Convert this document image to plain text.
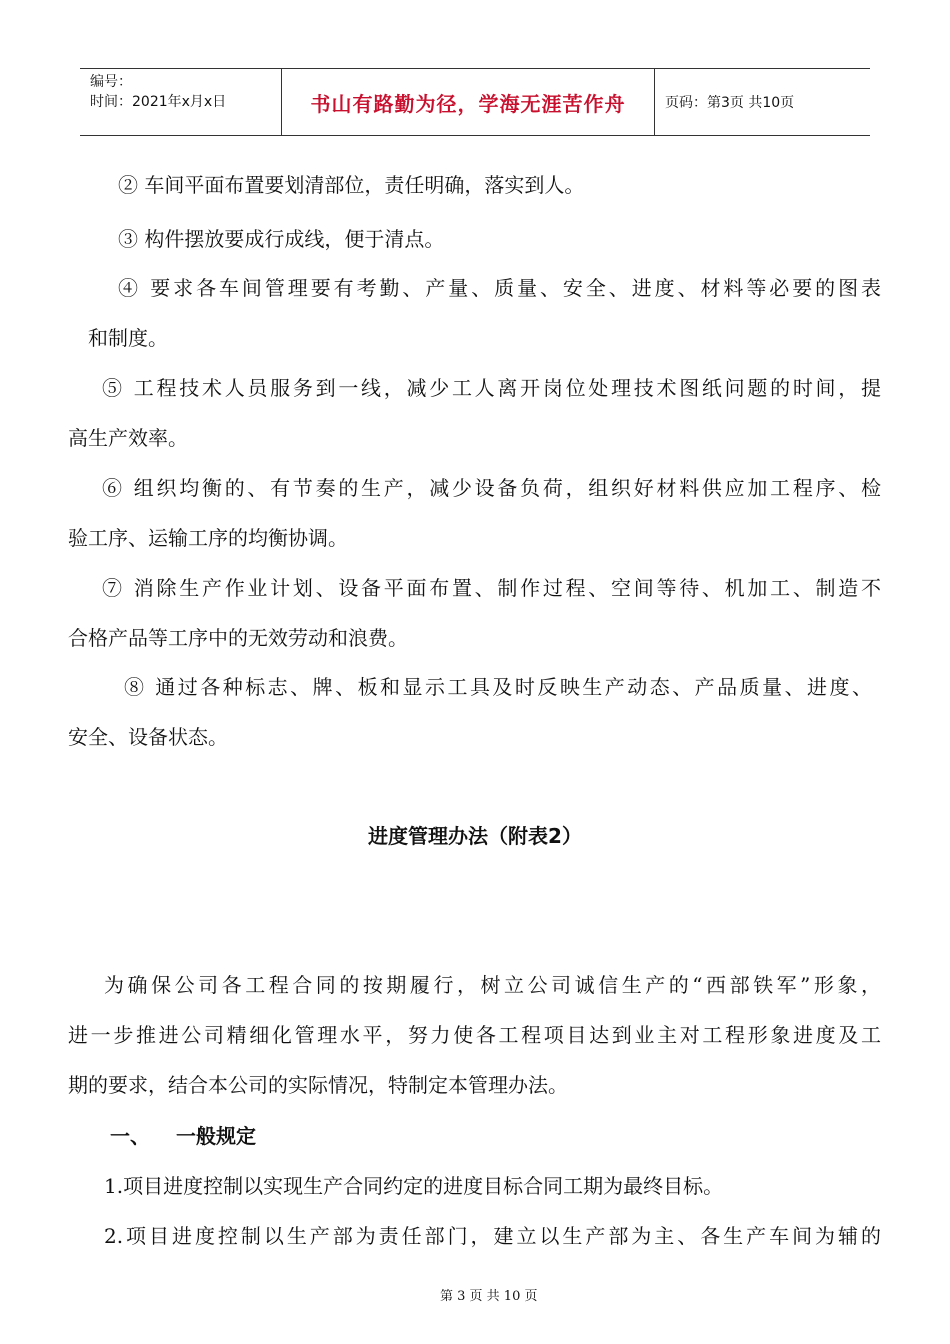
编号：
时间：2021年x月x日	书山有路勤为径，学海无涯苦作舟	页码：第3页 共10页

② 车间平面布置要划清部位，责任明确，落实到人。

③ 构件摆放要成行成线，便于清点。

④ 要求各车间管理要有考勤、产量、质量、安全、进度、材料等必要的图表

和制度。

⑤ 工程技术人员服务到一线，减少工人离开岗位处理技术图纸问题的时间，提

高生产效率。

⑥ 组织均衡的、有节奏的生产，减少设备负荷，组织好材料供应加工程序、检

验工序、运输工序的均衡协调。

⑦ 消除生产作业计划、设备平面布置、制作过程、空间等待、机加工、制造不

合格产品等工序中的无效劳动和浪费。

⑧ 通过各种标志、牌、板和显示工具及时反映生产动态、产品质量、进度、

安全、设备状态。

进度管理办法（附表2）

为确保公司各工程合同的按期履行，树立公司诚信生产的“西部铁军”形象，

进一步推进公司精细化管理水平，努力使各工程项目达到业主对工程形象进度及工

期的要求，结合本公司的实际情况，特制定本管理办法。

一、 一般规定

1.项目进度控制以实现生产合同约定的进度目标合同工期为最终目标。

2.项目进度控制以生产部为责任部门，建立以生产部为主、各生产车间为辅的

第 3 页 共 10 页
